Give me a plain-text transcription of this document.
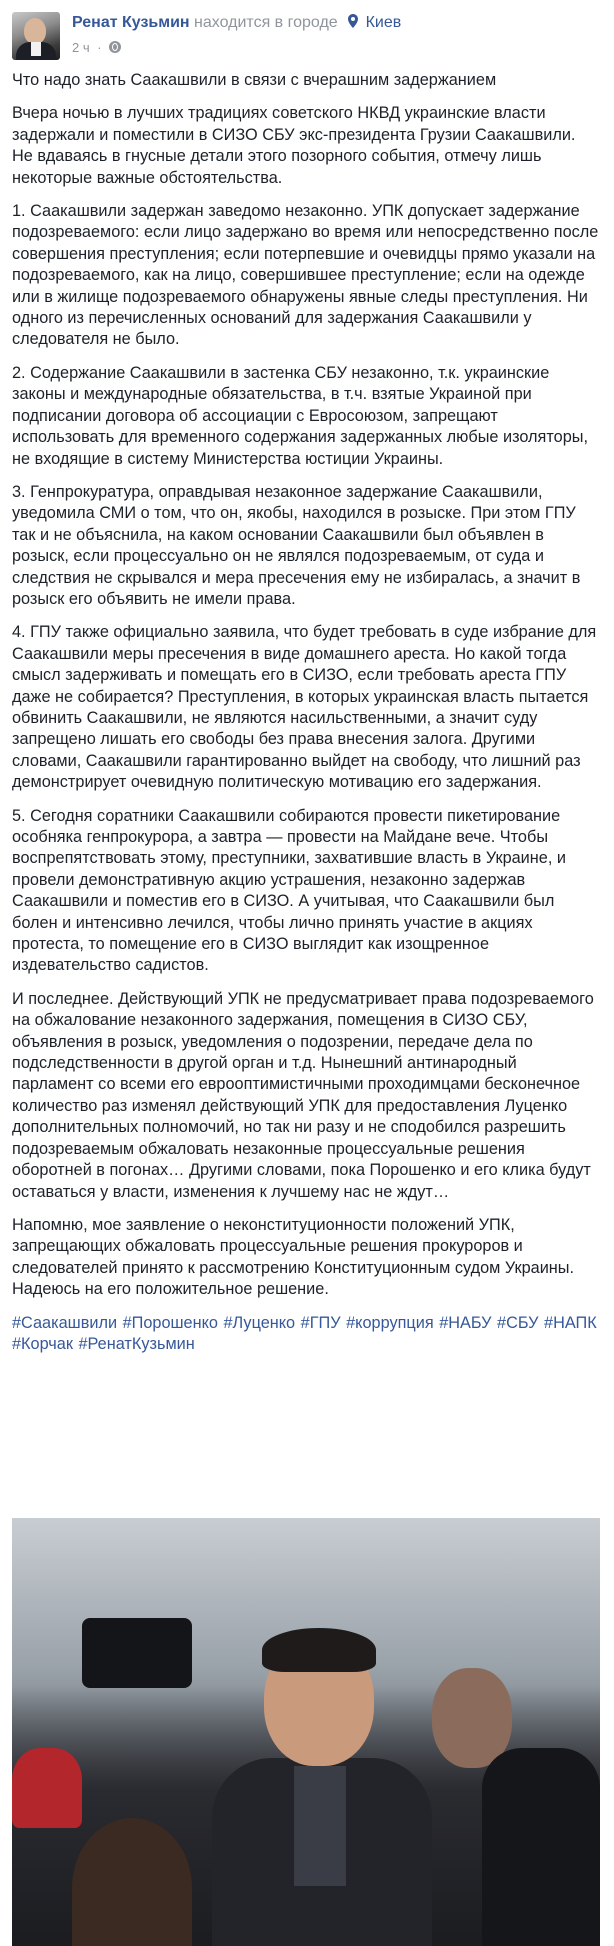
Ренат Кузьмин находится в городе Киев
2 ч ·

Что надо знать Саакашвили в связи с вчерашним задержанием

Вчера ночью в лучших традициях советского НКВД украинские власти задержали и поместили в СИЗО СБУ экс-президента Грузии Саакашвили. Не вдаваясь в гнусные детали этого позорного события, отмечу лишь некоторые важные обстоятельства.

1. Саакашвили задержан заведомо незаконно. УПК допускает задержание подозреваемого: если лицо задержано во время или непосредственно после совершения преступления; если потерпевшие и очевидцы прямо указали на подозреваемого, как на лицо, совершившее преступление; если на одежде или в жилище подозреваемого обнаружены явные следы преступления. Ни одного из перечисленных оснований для задержания Саакашвили у следователя не было.

2. Содержание Саакашвили в застенка СБУ незаконно, т.к. украинские законы и международные обязательства, в т.ч. взятые Украиной при подписании договора об ассоциации с Евросоюзом, запрещают использовать для временного содержания задержанных любые изоляторы, не входящие в систему Министерства юстиции Украины.

3. Генпрокуратура, оправдывая незаконное задержание Саакашвили, уведомила СМИ о том, что он, якобы, находился в розыске. При этом ГПУ так и не объяснила, на каком основании Саакашвили был объявлен в розыск, если процессуально он не являлся подозреваемым, от суда и следствия не скрывался и мера пресечения ему не избиралась, а значит в розыск его объявить не имели права.

4. ГПУ также официально заявила, что будет требовать в суде избрание для Саакашвили меры пресечения в виде домашнего ареста. Но какой тогда смысл задерживать и помещать его в СИЗО, если требовать ареста ГПУ даже не собирается? Преступления, в которых украинская власть пытается обвинить Саакашвили, не являются насильственными, а значит суду запрещено лишать его свободы без права внесения залога. Другими словами, Саакашвили гарантированно выйдет на свободу, что лишний раз демонстрирует очевидную политическую мотивацию его задержания.

5. Сегодня соратники Саакашвили собираются провести пикетирование особняка генпрокурора, а завтра — провести на Майдане вече. Чтобы воспрепятствовать этому, преступники, захватившие власть в Украине, и провели демонстративную акцию устрашения, незаконно задержав Саакашвили и поместив его в СИЗО. А учитывая, что Саакашвили был болен и интенсивно лечился, чтобы лично принять участие в акциях протеста, то помещение его в СИЗО выглядит как изощренное издевательство садистов.

И последнее. Действующий УПК не предусматривает права подозреваемого на обжалование незаконного задержания, помещения в СИЗО СБУ, объявления в розыск, уведомления о подозрении, передаче дела по подследственности в другой орган и т.д. Нынешний антинародный парламент со всеми его еврооптимистичными проходимцами бесконечное количество раз изменял действующий УПК для предоставления Луценко дополнительных полномочий, но так ни разу и не сподобился разрешить подозреваемым обжаловать незаконные процессуальные решения оборотней в погонах… Другими словами, пока Порошенко и его клика будут оставаться у власти, изменения к лучшему нас не ждут…

Напомню, мое заявление о неконституционности положений УПК, запрещающих обжаловать процессуальные решения прокуроров и следователей принято к рассмотрению Конституционным судом Украины. Надеюсь на его положительное решение.

#Саакашвили #Порошенко #Луценко #ГПУ #коррупция #НАБУ #СБУ #НАПК #Корчак #РенатКузьмин
